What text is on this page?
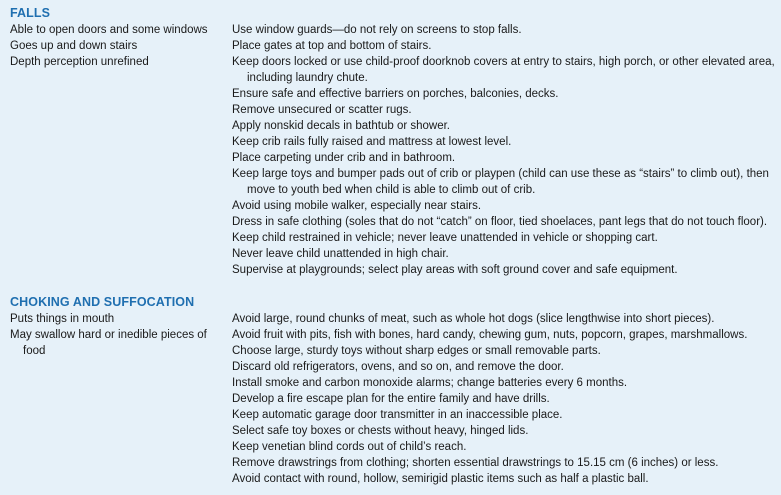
FALLS
Able to open doors and some windows
Goes up and down stairs
Depth perception unrefined
Use window guards—do not rely on screens to stop falls.
Place gates at top and bottom of stairs.
Keep doors locked or use child-proof doorknob covers at entry to stairs, high porch, or other elevated area,
including laundry chute.
Ensure safe and effective barriers on porches, balconies, decks.
Remove unsecured or scatter rugs.
Apply nonskid decals in bathtub or shower.
Keep crib rails fully raised and mattress at lowest level.
Place carpeting under crib and in bathroom.
Keep large toys and bumper pads out of crib or playpen (child can use these as “stairs” to climb out), then
move to youth bed when child is able to climb out of crib.
Avoid using mobile walker, especially near stairs.
Dress in safe clothing (soles that do not “catch” on floor, tied shoelaces, pant legs that do not touch floor).
Keep child restrained in vehicle; never leave unattended in vehicle or shopping cart.
Never leave child unattended in high chair.
Supervise at playgrounds; select play areas with soft ground cover and safe equipment.
CHOKING AND SUFFOCATION
Puts things in mouth
May swallow hard or inedible pieces of
food
Avoid large, round chunks of meat, such as whole hot dogs (slice lengthwise into short pieces).
Avoid fruit with pits, fish with bones, hard candy, chewing gum, nuts, popcorn, grapes, marshmallows.
Choose large, sturdy toys without sharp edges or small removable parts.
Discard old refrigerators, ovens, and so on, and remove the door.
Install smoke and carbon monoxide alarms; change batteries every 6 months.
Develop a fire escape plan for the entire family and have drills.
Keep automatic garage door transmitter in an inaccessible place.
Select safe toy boxes or chests without heavy, hinged lids.
Keep venetian blind cords out of child’s reach.
Remove drawstrings from clothing; shorten essential drawstrings to 15.15 cm (6 inches) or less.
Avoid contact with round, hollow, semirigid plastic items such as half a plastic ball.
